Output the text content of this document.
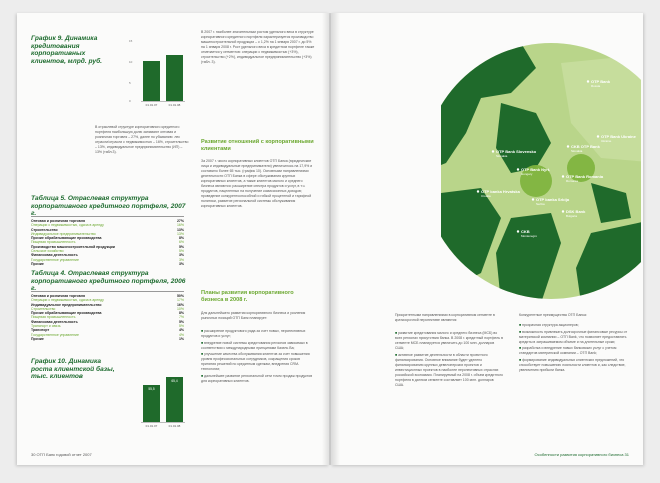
График 9. Динамика кредитования корпоративных клиентов, млрд. руб.
15
10
5
0
01.01.07	01.01.08
В отраслевой структуре корпоративного кредитного портфеля наибольшую долю занимают оптовая и розничная торговля – 27%, далее по убыванию: лес отрасли/отрасли с недвижимостью – 16%, строительство – 13%, индивидуальное предпринимательство (ИП) – 13% (табл.3).
Таблица 5. Отраслевая структура корпоративного кредитного портфеля, 2007 г.
Оптовая и розничная торговля	27%
Операции с недвижимостью, сдача в аренду	16%
Строительство	13%
Индивидуальное предпринимательство	13%
Прочие обрабатывающие производства	8%
Пищевая промышленность	6%
Производство машиностроительной продукции	5%
Сельское хозяйство	5%
Финансовая деятельность	3%
Государственное управление	3%
Прочие	3%
Таблица 4. Отраслевая структура корпоративного кредитного портфеля, 2006 г.
Оптовая и розничная торговля	50%
Операции с недвижимостью, сдача в аренду	17%
Индивидуальное предпринимательство	16%
Строительство	10%
Прочие обрабатывающие производства	8%
Пищевая промышленность	7%
Финансовая деятельность	5%
Транспорт и связь	5%
Транспорт	4%
Государственное управление	4%
Прочие	1%
График 10. Динамика роста клиентской базы, тыс. клиентов
55,5
65,4
01.01.07	01.01.08
В 2007 г. наиболее значительным ростом удельного веса в структуре корпоративного кредитного портфеля характеризуется производство машиностроительной продукции – с 1,2% на 1 января 2007 г. до 5% на 1 января 2008 г. Рост удельного веса в кредитном портфеле также отмечается у сегментов: операции с недвижимостью (+3%), строительство (+2%), индивидуальное предпринимательство (+3%) (табл. 3).
Развитие отношений с корпоративными клиентами
За 2007 г. число корпоративных клиентов ОТП Банка (юридические лица и индивидуальные предприниматели) увеличилось на 17,9% и составило более 65 тыс. (график 10). Основными направлениями деятельности ОТП Банка в сфере обслуживания крупных корпоративных клиентов, а также клиентов малого и среднего бизнеса являются: расширение спектра продуктов и услуг, в т.ч. продуктов, нацеленных на получение комиссионных доходов; проведение конкурентоспособной и гибкой процентной и тарифной политики, развитие региональной системы обслуживания корпоративных клиентов.
Планы развития корпоративного бизнеса в 2008 г.
Для дальнейшего развития корпоративного бизнеса и усиления рыночных позиций ОТП Банк планирует:
■ расширение продуктового ряда за счет новых, перспективных продуктов и услуг;
■ внедрение новой системы кредитования регионов зависимых в соответствии с международными принципами Казель Ва;
■ улучшение качества обслуживания клиентов за счет повышения уровня профессиональных сотрудников, сокращения сроков принятия решений по кредитным сделкам, внедрения CRM-технологии;
■ дальнейшее развитие региональной сети точек продаж продуктов для корпоративных клиентов.
30 ОТП Банк годовой отчет 2007
OTP Bank
Russia
OTP Bank Ukraine
Ukraine
CKB OTP Bank
Slovakia
OTP Bank Slovensko
Slovakia
OTP Bank Nyrt.
Hungary	OTP Bank Romania
Romania
OTP banka Hrvatska
Croatia
OTP banka Srbija
Serbia
DSK Bank
Bulgaria
CKB
Montenegro
Приоритетными направлениями в корпоративном сегменте в краткосрочной перспективе являются:
■ развитие кредитования малого и среднего бизнеса (МСБ) во всех регионах присутствия банка. В 2008 г. кредитный портфель в сегменте МСБ планируется увеличить до 100 млн. долларов США;
■ активное развитие деятельности в области проектного финансирования. Основное внимание будет уделено финансированию крупных девелоперских проектов и инвестиционных проектов в наиболее перспективных отраслях российской экономики. Планируемый на 2008 г. объем кредитного портфеля в данном сегменте составляет 100 млн. долларов США.
Конкурентные преимущества ОТП Банка:
■ прозрачная структура акционеров;
■ возможность привлекать долгосрочные финансовые ресурсы от материнской компании – ОТП Bank, что позволяет предоставлять кредиты в затрашиваемом объеме и на длительные сроки;
■ разработка и внедрение новых банковских услуг с учетом стандартов материнской компании – ОТП Bank;
■ формирование индивидуальных клиентских предложений, что способствует повышению лояльности клиентов и, как следствие, увеличению прибыли банка.
Особенности развития корпоративного бизнеса 31
